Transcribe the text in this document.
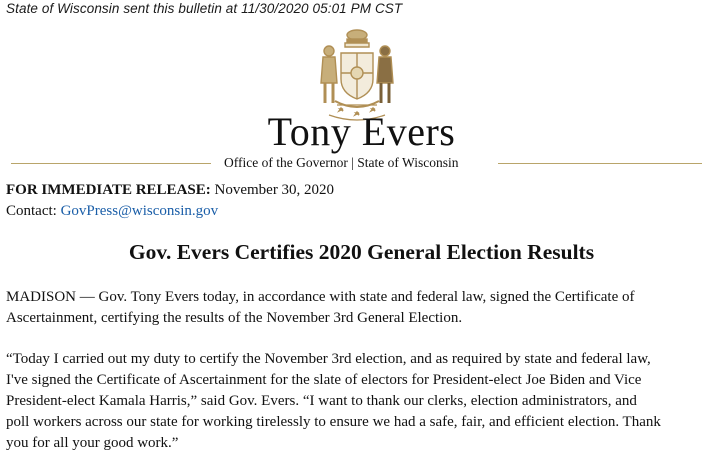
State of Wisconsin sent this bulletin at 11/30/2020 05:01 PM CST
Tony Evers
Office of the Governor | State of Wisconsin
FOR IMMEDIATE RELEASE: November 30, 2020
Contact: GovPress@wisconsin.gov
Gov. Evers Certifies 2020 General Election Results
MADISON — Gov. Tony Evers today, in accordance with state and federal law, signed the Certificate of
Ascertainment, certifying the results of the November 3rd General Election.
“Today I carried out my duty to certify the November 3rd election, and as required by state and federal law,
I've signed the Certificate of Ascertainment for the slate of electors for President-elect Joe Biden and Vice
President-elect Kamala Harris,” said Gov. Evers. “I want to thank our clerks, election administrators, and
poll workers across our state for working tirelessly to ensure we had a safe, fair, and efficient election. Thank
you for all your good work.”
